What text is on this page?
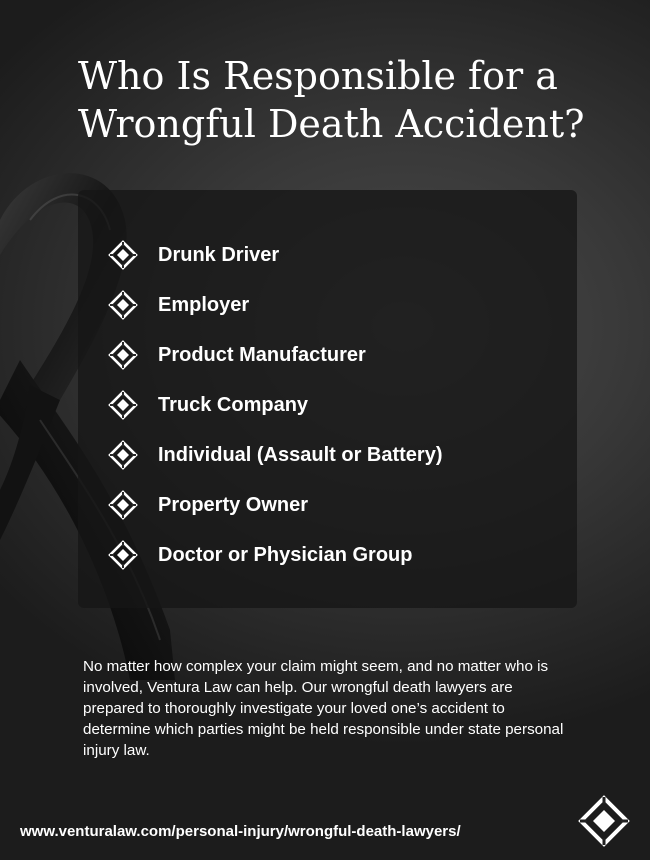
Who Is Responsible for a
Wrongful Death Accident?
Drunk Driver
Employer
Product Manufacturer
Truck Company
Individual (Assault or Battery)
Property Owner
Doctor or Physician Group

No matter how complex your claim might seem, and no matter who is involved, Ventura Law can help. Our wrongful death lawyers are prepared to thoroughly investigate your loved one’s accident to determine which parties might be held responsible under state personal injury law.

www.venturalaw.com/personal-injury/wrongful-death-lawyers/
